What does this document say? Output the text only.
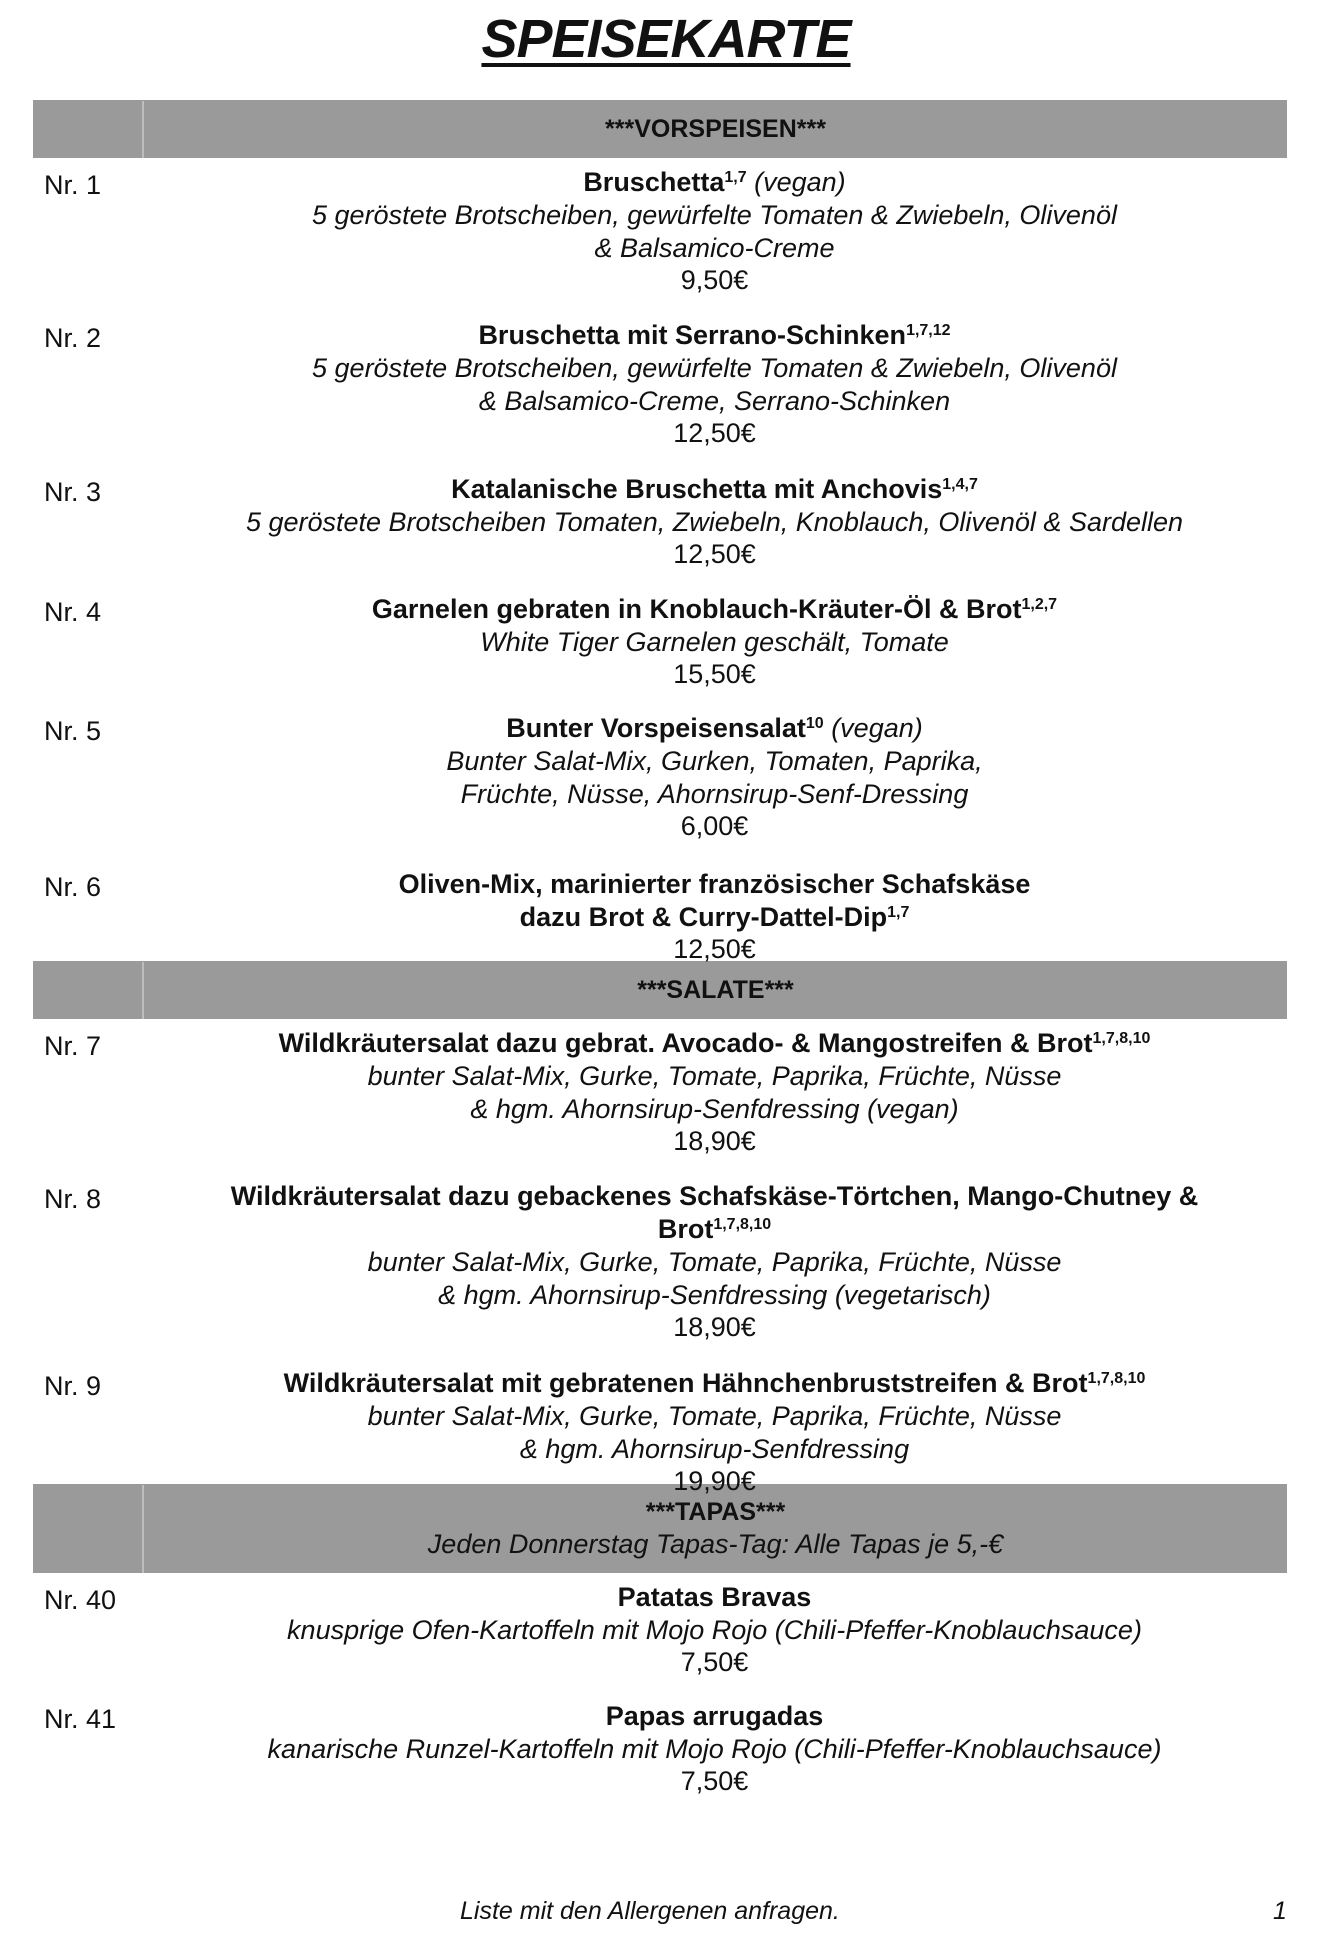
SPEISEKARTE
***VORSPEISEN***
Nr. 1	Bruschetta$^{1,7}$ (vegan)
5 geröstete Brotscheiben, gewürfelte Tomaten & Zwiebeln, Olivenöl
& Balsamico-Creme
9,50€
Nr. 2	Bruschetta mit Serrano-Schinken$^{1,7,12}$
5 geröstete Brotscheiben, gewürfelte Tomaten & Zwiebeln, Olivenöl
& Balsamico-Creme, Serrano-Schinken
12,50€
Nr. 3	Katalanische Bruschetta mit Anchovis$^{1,4,7}$
5 geröstete Brotscheiben Tomaten, Zwiebeln, Knoblauch, Olivenöl & Sardellen
12,50€
Nr. 4	Garnelen gebraten in Knoblauch-Kräuter-Öl & Brot$^{1,2,7}$
White Tiger Garnelen geschält, Tomate
15,50€
Nr. 5	Bunter Vorspeisensalat$^{10}$ (vegan)
Bunter Salat-Mix, Gurken, Tomaten, Paprika,
Früchte, Nüsse, Ahornsirup-Senf-Dressing
6,00€
Nr. 6	Oliven-Mix, marinierter französischer Schafskäse
dazu Brot & Curry-Dattel-Dip$^{1,7}$
12,50€
***SALATE***
Nr. 7	Wildkräutersalat dazu gebrat. Avocado- & Mangostreifen & Brot$^{1,7,8,10}$
bunter Salat-Mix, Gurke, Tomate, Paprika, Früchte, Nüsse
& hgm. Ahornsirup-Senfdressing (vegan)
18,90€
Nr. 8	Wildkräutersalat dazu gebackenes Schafskäse-Törtchen, Mango-Chutney &
Brot$^{1,7,8,10}$
bunter Salat-Mix, Gurke, Tomate, Paprika, Früchte, Nüsse
& hgm. Ahornsirup-Senfdressing (vegetarisch)
18,90€
Nr. 9	Wildkräutersalat mit gebratenen Hähnchenbruststreifen & Brot$^{1,7,8,10}$
bunter Salat-Mix, Gurke, Tomate, Paprika, Früchte, Nüsse
& hgm. Ahornsirup-Senfdressing
19,90€
***TAPAS***
Jeden Donnerstag Tapas-Tag: Alle Tapas je 5,-€
Nr. 40	Patatas Bravas
knusprige Ofen-Kartoffeln mit Mojo Rojo (Chili-Pfeffer-Knoblauchsauce)
7,50€
Nr. 41	Papas arrugadas
kanarische Runzel-Kartoffeln mit Mojo Rojo (Chili-Pfeffer-Knoblauchsauce)
7,50€
Liste mit den Allergenen anfragen.	1
